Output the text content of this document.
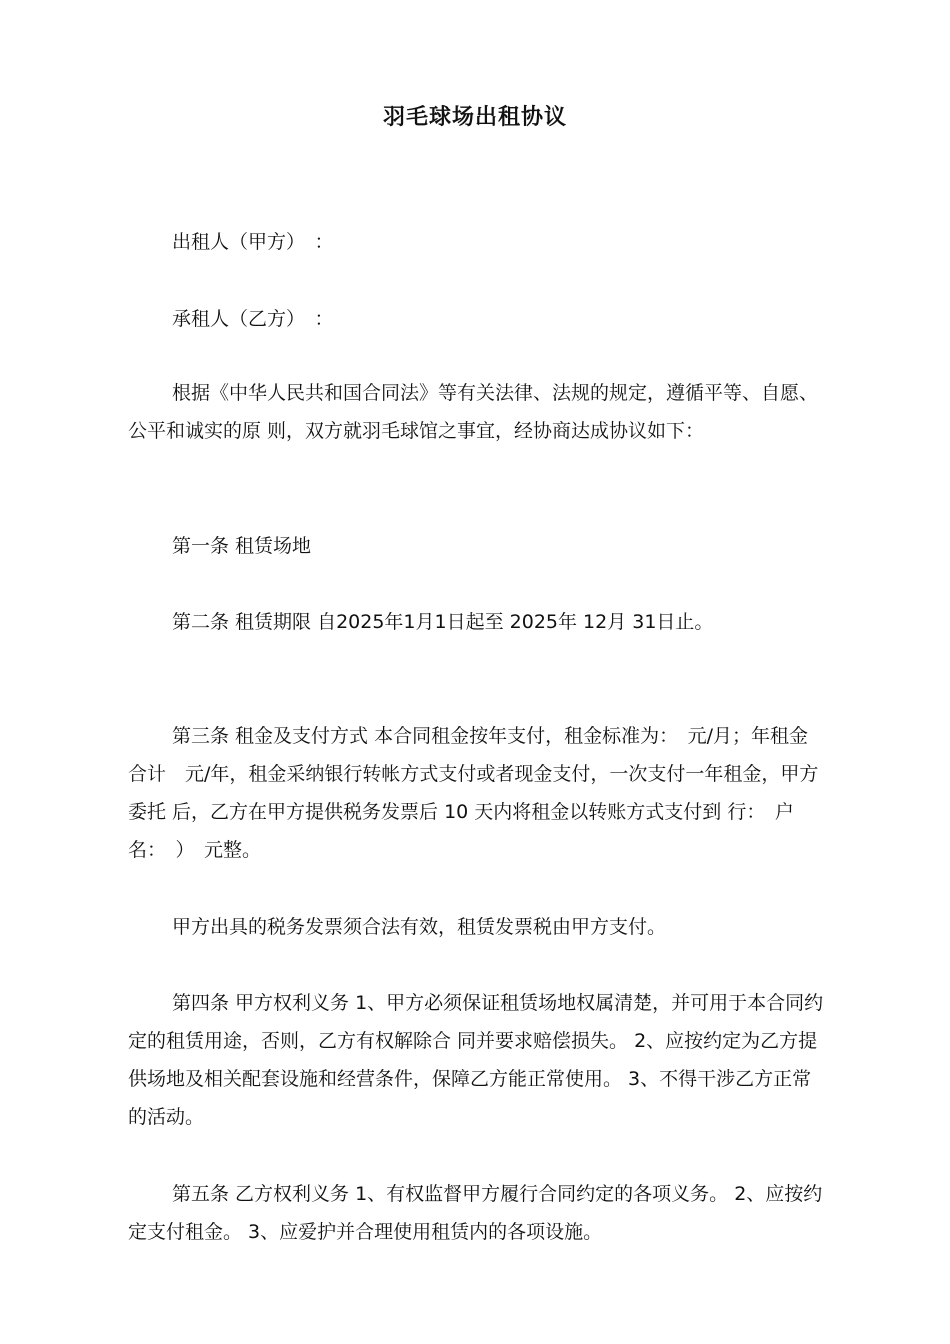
羽毛球场出租协议
出租人（甲方）　：
承租人（乙方）　：
根据《中华人民共和国合同法》等有关法律、法规的规定，遵循平等、自愿、公平和诚实的原 则，双方就羽毛球馆之事宜，经协商达成协议如下：
第一条 租赁场地
第二条 租赁期限 自2025年1月1日起至 2025年 12月 31日止。
第三条 租金及支付方式 本合同租金按年支付，租金标准为：　元/月；年租金合计　元/年，租金采纳银行转帐方式支付或者现金支付，一次支付一年租金，甲方委托 后，乙方在甲方提供税务发票后 10 天内将租金以转账方式支付到 行：　户名：　）　元整。
甲方出具的税务发票须合法有效，租赁发票税由甲方支付。
第四条 甲方权利义务 1、甲方必须保证租赁场地权属清楚，并可用于本合同约定的租赁用途，否则，乙方有权解除合 同并要求赔偿损失。 2、应按约定为乙方提供场地及相关配套设施和经营条件，保障乙方能正常使用。 3、不得干涉乙方正常的活动。
第五条 乙方权利义务 1、有权监督甲方履行合同约定的各项义务。 2、应按约定支付租金。 3、应爱护并合理使用租赁内的各项设施。
